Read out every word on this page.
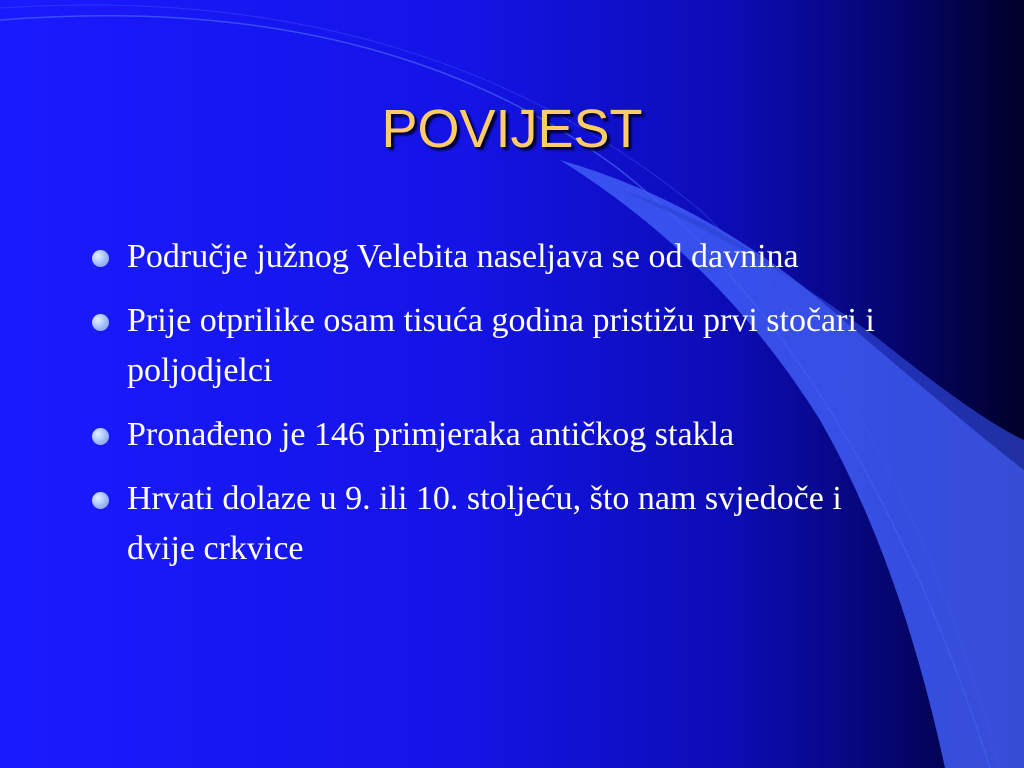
POVIJEST
Područje južnog Velebita naseljava se od davnina
Prije otprilike osam tisuća godina pristižu prvi stočari i poljodjelci
Pronađeno je 146 primjeraka antičkog stakla
Hrvati dolaze u 9. ili 10. stoljeću, što nam svjedoče i dvije crkvice
